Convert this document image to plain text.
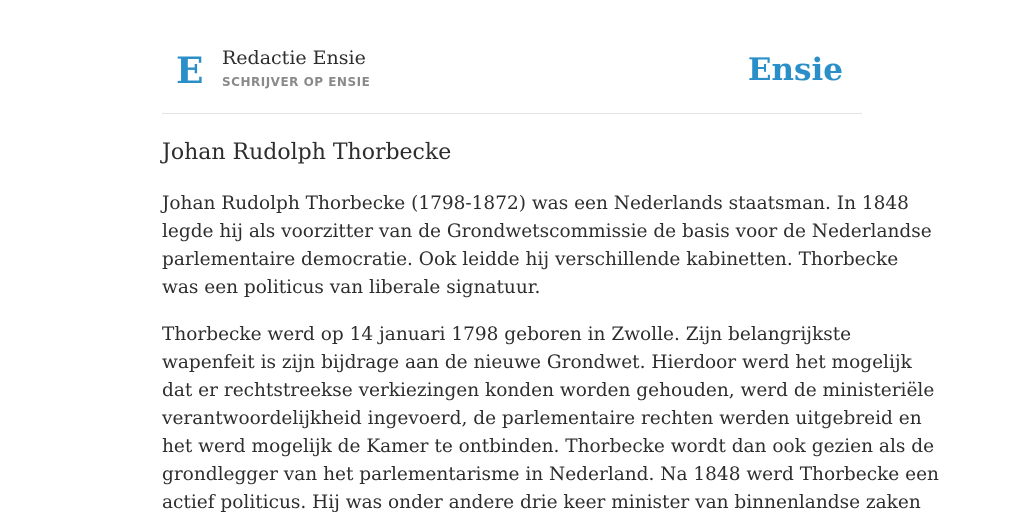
E Redactie Ensie
SCHRIJVER OP ENSIE	Ensie
Johan Rudolph Thorbecke

Johan Rudolph Thorbecke (1798-1872) was een Nederlands staatsman. In 1848
legde hij als voorzitter van de Grondwetscommissie de basis voor de Nederlandse
parlementaire democratie. Ook leidde hij verschillende kabinetten. Thorbecke
was een politicus van liberale signatuur.

Thorbecke werd op 14 januari 1798 geboren in Zwolle. Zijn belangrijkste
wapenfeit is zijn bijdrage aan de nieuwe Grondwet. Hierdoor werd het mogelijk
dat er rechtstreekse verkiezingen konden worden gehouden, werd de ministeriële
verantwoordelijkheid ingevoerd, de parlementaire rechten werden uitgebreid en
het werd mogelijk de Kamer te ontbinden. Thorbecke wordt dan ook gezien als de
grondlegger van het parlementarisme in Nederland. Na 1848 werd Thorbecke een
actief politicus. Hij was onder andere drie keer minister van binnenlandse zaken
